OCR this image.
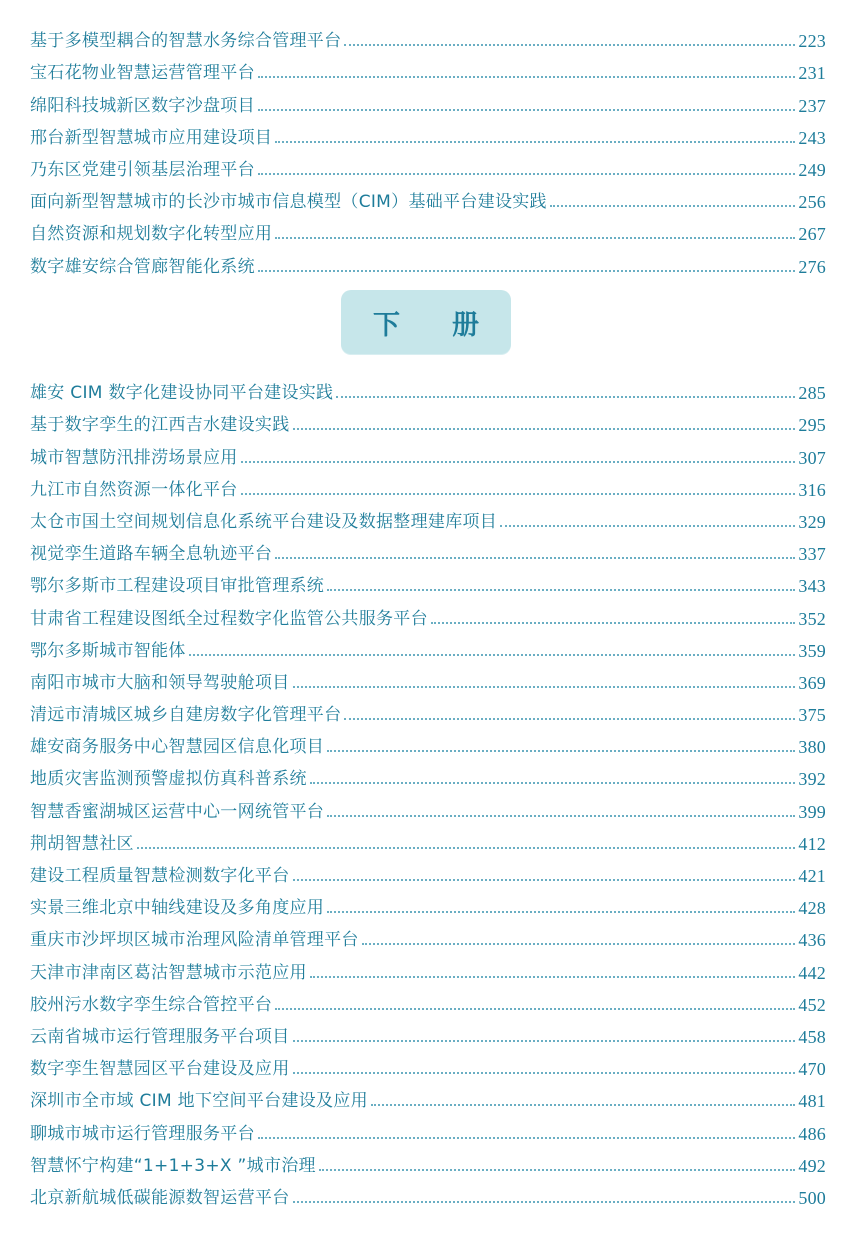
基于多模型耦合的智慧水务综合管理平台	223
宝石花物业智慧运营管理平台	231
绵阳科技城新区数字沙盘项目	237
邢台新型智慧城市应用建设项目	243
乃东区党建引领基层治理平台	249
面向新型智慧城市的长沙市城市信息模型（CIM）基础平台建设实践	256
自然资源和规划数字化转型应用	267
数字雄安综合管廊智能化系统	276
下册
雄安 CIM 数字化建设协同平台建设实践	285
基于数字孪生的江西吉水建设实践	295
城市智慧防汛排涝场景应用	307
九江市自然资源一体化平台	316
太仓市国土空间规划信息化系统平台建设及数据整理建库项目	329
视觉孪生道路车辆全息轨迹平台	337
鄂尔多斯市工程建设项目审批管理系统	343
甘肃省工程建设图纸全过程数字化监管公共服务平台	352
鄂尔多斯城市智能体	359
南阳市城市大脑和领导驾驶舱项目	369
清远市清城区城乡自建房数字化管理平台	375
雄安商务服务中心智慧园区信息化项目	380
地质灾害监测预警虚拟仿真科普系统	392
智慧香蜜湖城区运营中心一网统管平台	399
荆胡智慧社区	412
建设工程质量智慧检测数字化平台	421
实景三维北京中轴线建设及多角度应用	428
重庆市沙坪坝区城市治理风险清单管理平台	436
天津市津南区葛沽智慧城市示范应用	442
胶州污水数字孪生综合管控平台	452
云南省城市运行管理服务平台项目	458
数字孪生智慧园区平台建设及应用	470
深圳市全市域 CIM 地下空间平台建设及应用	481
聊城市城市运行管理服务平台	486
智慧怀宁构建“1+1+3+X ”城市治理	492
北京新航城低碳能源数智运营平台	500
